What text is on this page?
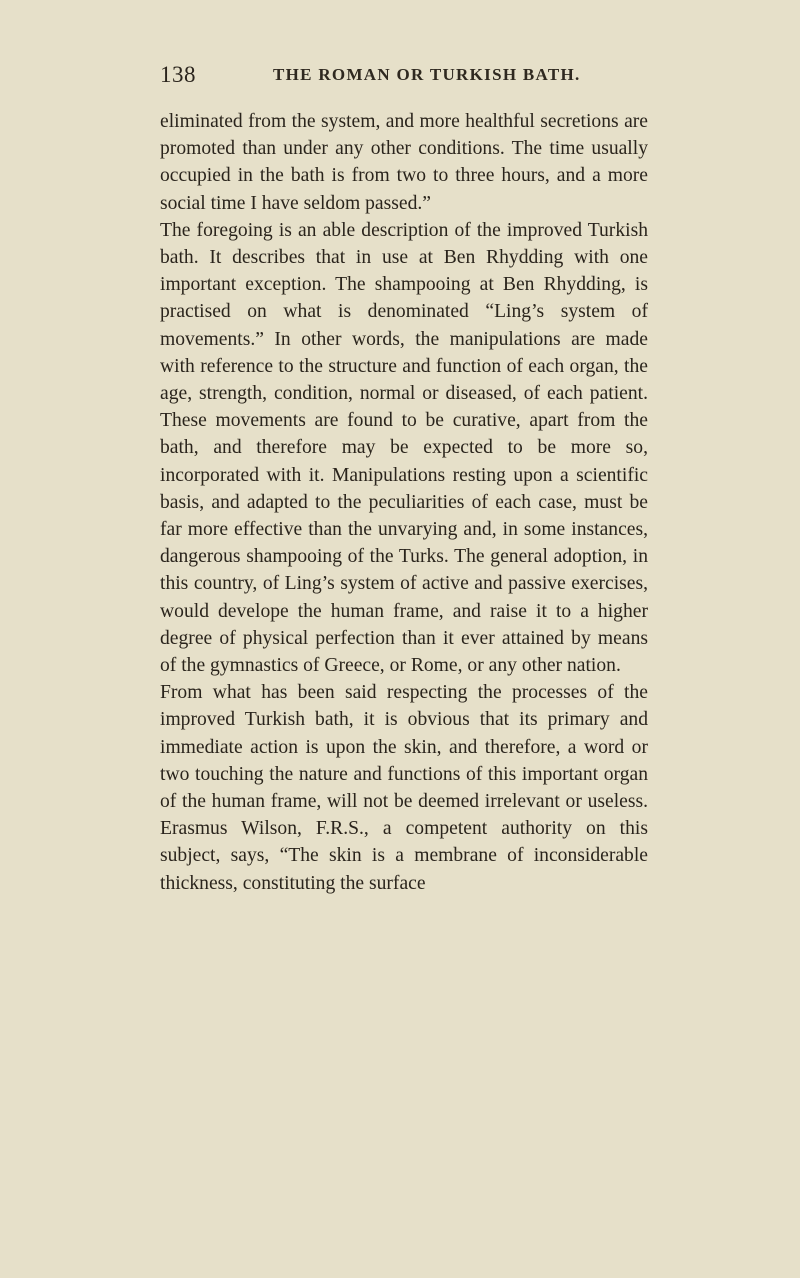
138	THE ROMAN OR TURKISH BATH.

eliminated from the system, and more healthful secretions are promoted than under any other conditions. The time usually occupied in the bath is from two to three hours, and a more social time I have seldom passed.”

The foregoing is an able description of the improved Turkish bath. It describes that in use at Ben Rhydding with one important exception. The shampooing at Ben Rhydding, is practised on what is denominated “Ling’s system of movements.” In other words, the manipulations are made with reference to the structure and function of each organ, the age, strength, condition, normal or diseased, of each patient. These movements are found to be curative, apart from the bath, and therefore may be expected to be more so, incorporated with it. Manipulations resting upon a scientific basis, and adapted to the peculiarities of each case, must be far more effective than the unvarying and, in some instances, dangerous shampooing of the Turks. The general adoption, in this country, of Ling’s system of active and passive exercises, would develope the human frame, and raise it to a higher degree of physical perfection than it ever attained by means of the gymnastics of Greece, or Rome, or any other nation.

From what has been said respecting the processes of the improved Turkish bath, it is obvious that its primary and immediate action is upon the skin, and therefore, a word or two touching the nature and functions of this important organ of the human frame, will not be deemed irrelevant or useless. Erasmus Wilson, F.R.S., a competent authority on this subject, says, “The skin is a membrane of inconsiderable thickness, constituting the surface
